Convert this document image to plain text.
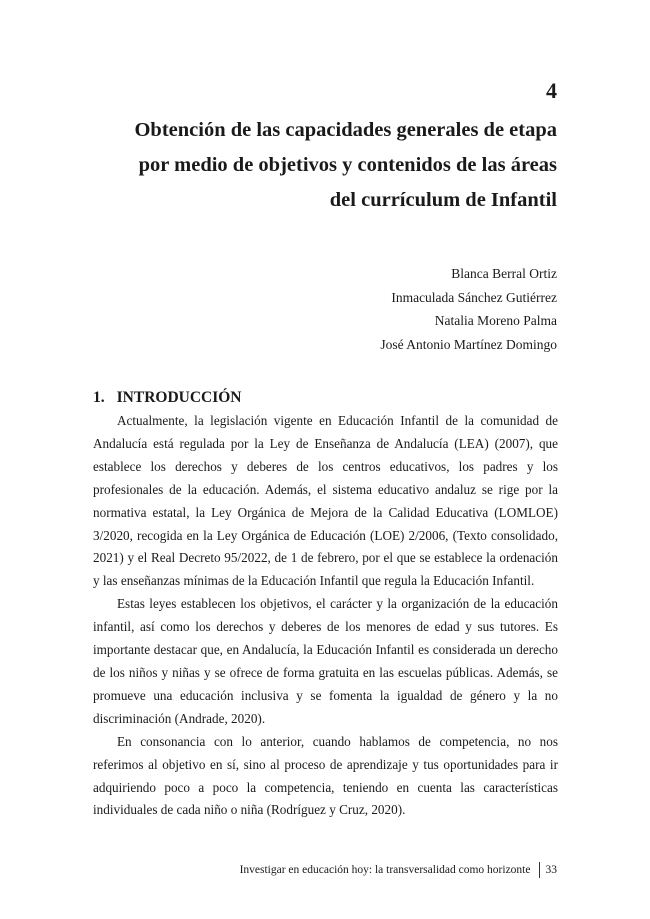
4
Obtención de las capacidades generales de etapa
por medio de objetivos y contenidos de las áreas
del currículum de Infantil
Blanca Berral Ortiz
Inmaculada Sánchez Gutiérrez
Natalia Moreno Palma
José Antonio Martínez Domingo
1. INTRODUCCIÓN

Actualmente, la legislación vigente en Educación Infantil de la comunidad de Andalucía está regulada por la Ley de Enseñanza de Andalucía (LEA) (2007), que establece los derechos y deberes de los centros educativos, los padres y los profesionales de la educación. Además, el sistema educativo andaluz se rige por la normativa estatal, la Ley Orgánica de Mejora de la Calidad Educativa (LOMLOE) 3/2020, recogida en la Ley Orgánica de Educación (LOE) 2/2006, (Texto consolidado, 2021) y el Real Decreto 95/2022, de 1 de febrero, por el que se establece la ordenación y las enseñanzas mínimas de la Educación Infantil que regula la Educación Infantil.

Estas leyes establecen los objetivos, el carácter y la organización de la educación infantil, así como los derechos y deberes de los menores de edad y sus tutores. Es importante destacar que, en Andalucía, la Educación Infantil es considerada un derecho de los niños y niñas y se ofrece de forma gratuita en las escuelas públicas. Además, se promueve una educación inclusiva y se fomenta la igualdad de género y la no discriminación (Andrade, 2020).

En consonancia con lo anterior, cuando hablamos de competencia, no nos referimos al objetivo en sí, sino al proceso de aprendizaje y tus oportunidades para ir adquiriendo poco a poco la competencia, teniendo en cuenta las características individuales de cada niño o niña (Rodríguez y Cruz, 2020).

Investigar en educación hoy: la transversalidad como horizonte 33
